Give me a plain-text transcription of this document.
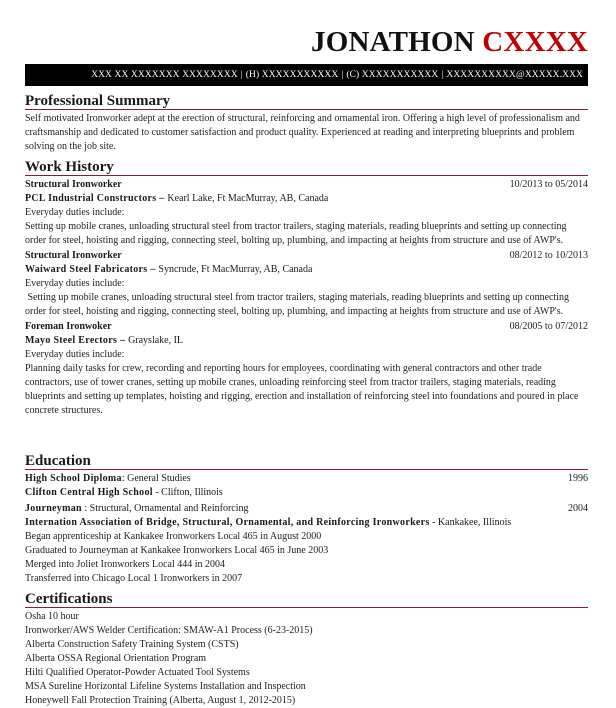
JONATHON CXXXX
XXX XX XXXXXXX XXXXXXXX | (H) XXXXXXXXXXX | (C) XXXXXXXXXXX | XXXXXXXXXX@XXXXX.XXX
Professional Summary
Self motivated Ironworker adept at the erection of structural, reinforcing and ornamental iron. Offering a high level of professionalism and craftsmanship and dedicated to customer satisfaction and product quality. Experienced at reading and interpreting blueprints and problem solving on the job site.
Work History
Structural Ironworker	10/2013 to 05/2014
PCL Industrial Constructors – Kearl Lake, Ft MacMurray, AB, Canada
Everyday duties include:
Setting up mobile cranes, unloading structural steel from tractor trailers, staging materials, reading blueprints and setting up connecting order for steel, hoisting and rigging, connecting steel, bolting up, plumbing, and impacting at heights from structure and use of AWP's.
Structural Ironworker	08/2012 to 10/2013
Waiward Steel Fabricators – Syncrude, Ft MacMurray, AB, Canada
Everyday duties include:
Setting up mobile cranes, unloading structural steel from tractor trailers, staging materials, reading blueprints and setting up connecting order for steel, hoisting and rigging, connecting steel, bolting up, plumbing, and impacting at heights from structure and use of AWP's.
Foreman Ironwoker	08/2005 to 07/2012
Mayo Steel Erectors – Grayslake, IL
Everyday duties include:
Planning daily tasks for crew, recording and reporting hours for employees, coordinating with general contractors and other trade contractors, use of tower cranes, setting up mobile cranes, unloading reinforcing steel from tractor trailers, staging materials, reading blueprints and setting up templates, hoisting and rigging, erection and installation of reinforcing steel into foundations and poured in place concrete structures.
Education
High School Diploma: General Studies	1996
Clifton Central High School - Clifton, Illinois
Journeyman : Structural, Ornamental and Reinforcing	2004
Internation Association of Bridge, Structural, Ornamental, and Reinforcing Ironworkers - Kankakee, Illinois
Began apprenticeship at Kankakee Ironworkers Local 465 in August 2000
Graduated to Journeyman at Kankakee Ironworkers Local 465 in June 2003
Merged into Joliet Ironworkers Local 444 in 2004
Transferred into Chicago Local 1 Ironworkers in 2007
Certifications
Osha 10 hour
Ironworker/AWS Welder Certification: SMAW-A1 Process (6-23-2015)
Alberta Construction Safety Training System (CSTS)
Alberta OSSA Regional Orientation Program
Hilti Qualified Operator-Powder Actuated Tool Systems
MSA Sureline Horizontal Lifeline Systems Installation and Inspection
Honeywell Fall Protection Training (Alberta, August 1, 2012-2015)
